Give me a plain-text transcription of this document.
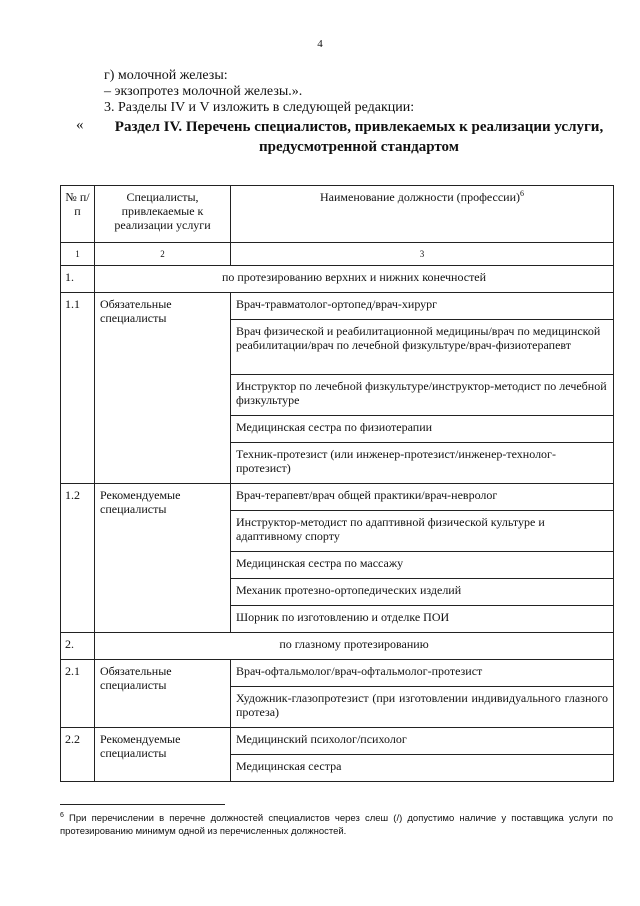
4
г) молочной железы:
– экзопротез молочной железы.».
3. Разделы IV и V изложить в следующей редакции:
«	Раздел IV. Перечень специалистов, привлекаемых к реализации услуги, предусмотренной стандартом
№ п/п	Специалисты, привлекаемые к реализации услуги	Наименование должности (профессии)$^6$
1	2	3
1.	по протезированию верхних и нижних конечностей	
1.1	Обязательные специалисты	Врач-травматолог-ортопед/врач-хирург
		Врач физической и реабилитационной медицины/врач по медицинской реабилитации/врач по лечебной физкультуре/врач-физиотерапевт
		Инструктор по лечебной физкультуре/инструктор-методист по лечебной физкультуре
		Медицинская сестра по физиотерапии
		Техник-протезист (или инженер-протезист/инженер-технолог-протезист)
1.2	Рекомендуемые специалисты	Врач-терапевт/врач общей практики/врач-невролог
		Инструктор-методист по адаптивной физической культуре и адаптивному спорту
		Медицинская сестра по массажу
		Механик протезно-ортопедических изделий
		Шорник по изготовлению и отделке ПОИ
2.	по глазному протезированию	
2.1	Обязательные специалисты	Врач-офтальмолог/врач-офтальмолог-протезист
		Художник-глазопротезист (при изготовлении индивидуального глазного протеза)
2.2	Рекомендуемые специалисты	Медицинский психолог/психолог
		Медицинская сестра
$^6$ При перечислении в перечне должностей специалистов через слеш (/) допустимо наличие у поставщика услуги по протезированию минимум одной из перечисленных должностей.
